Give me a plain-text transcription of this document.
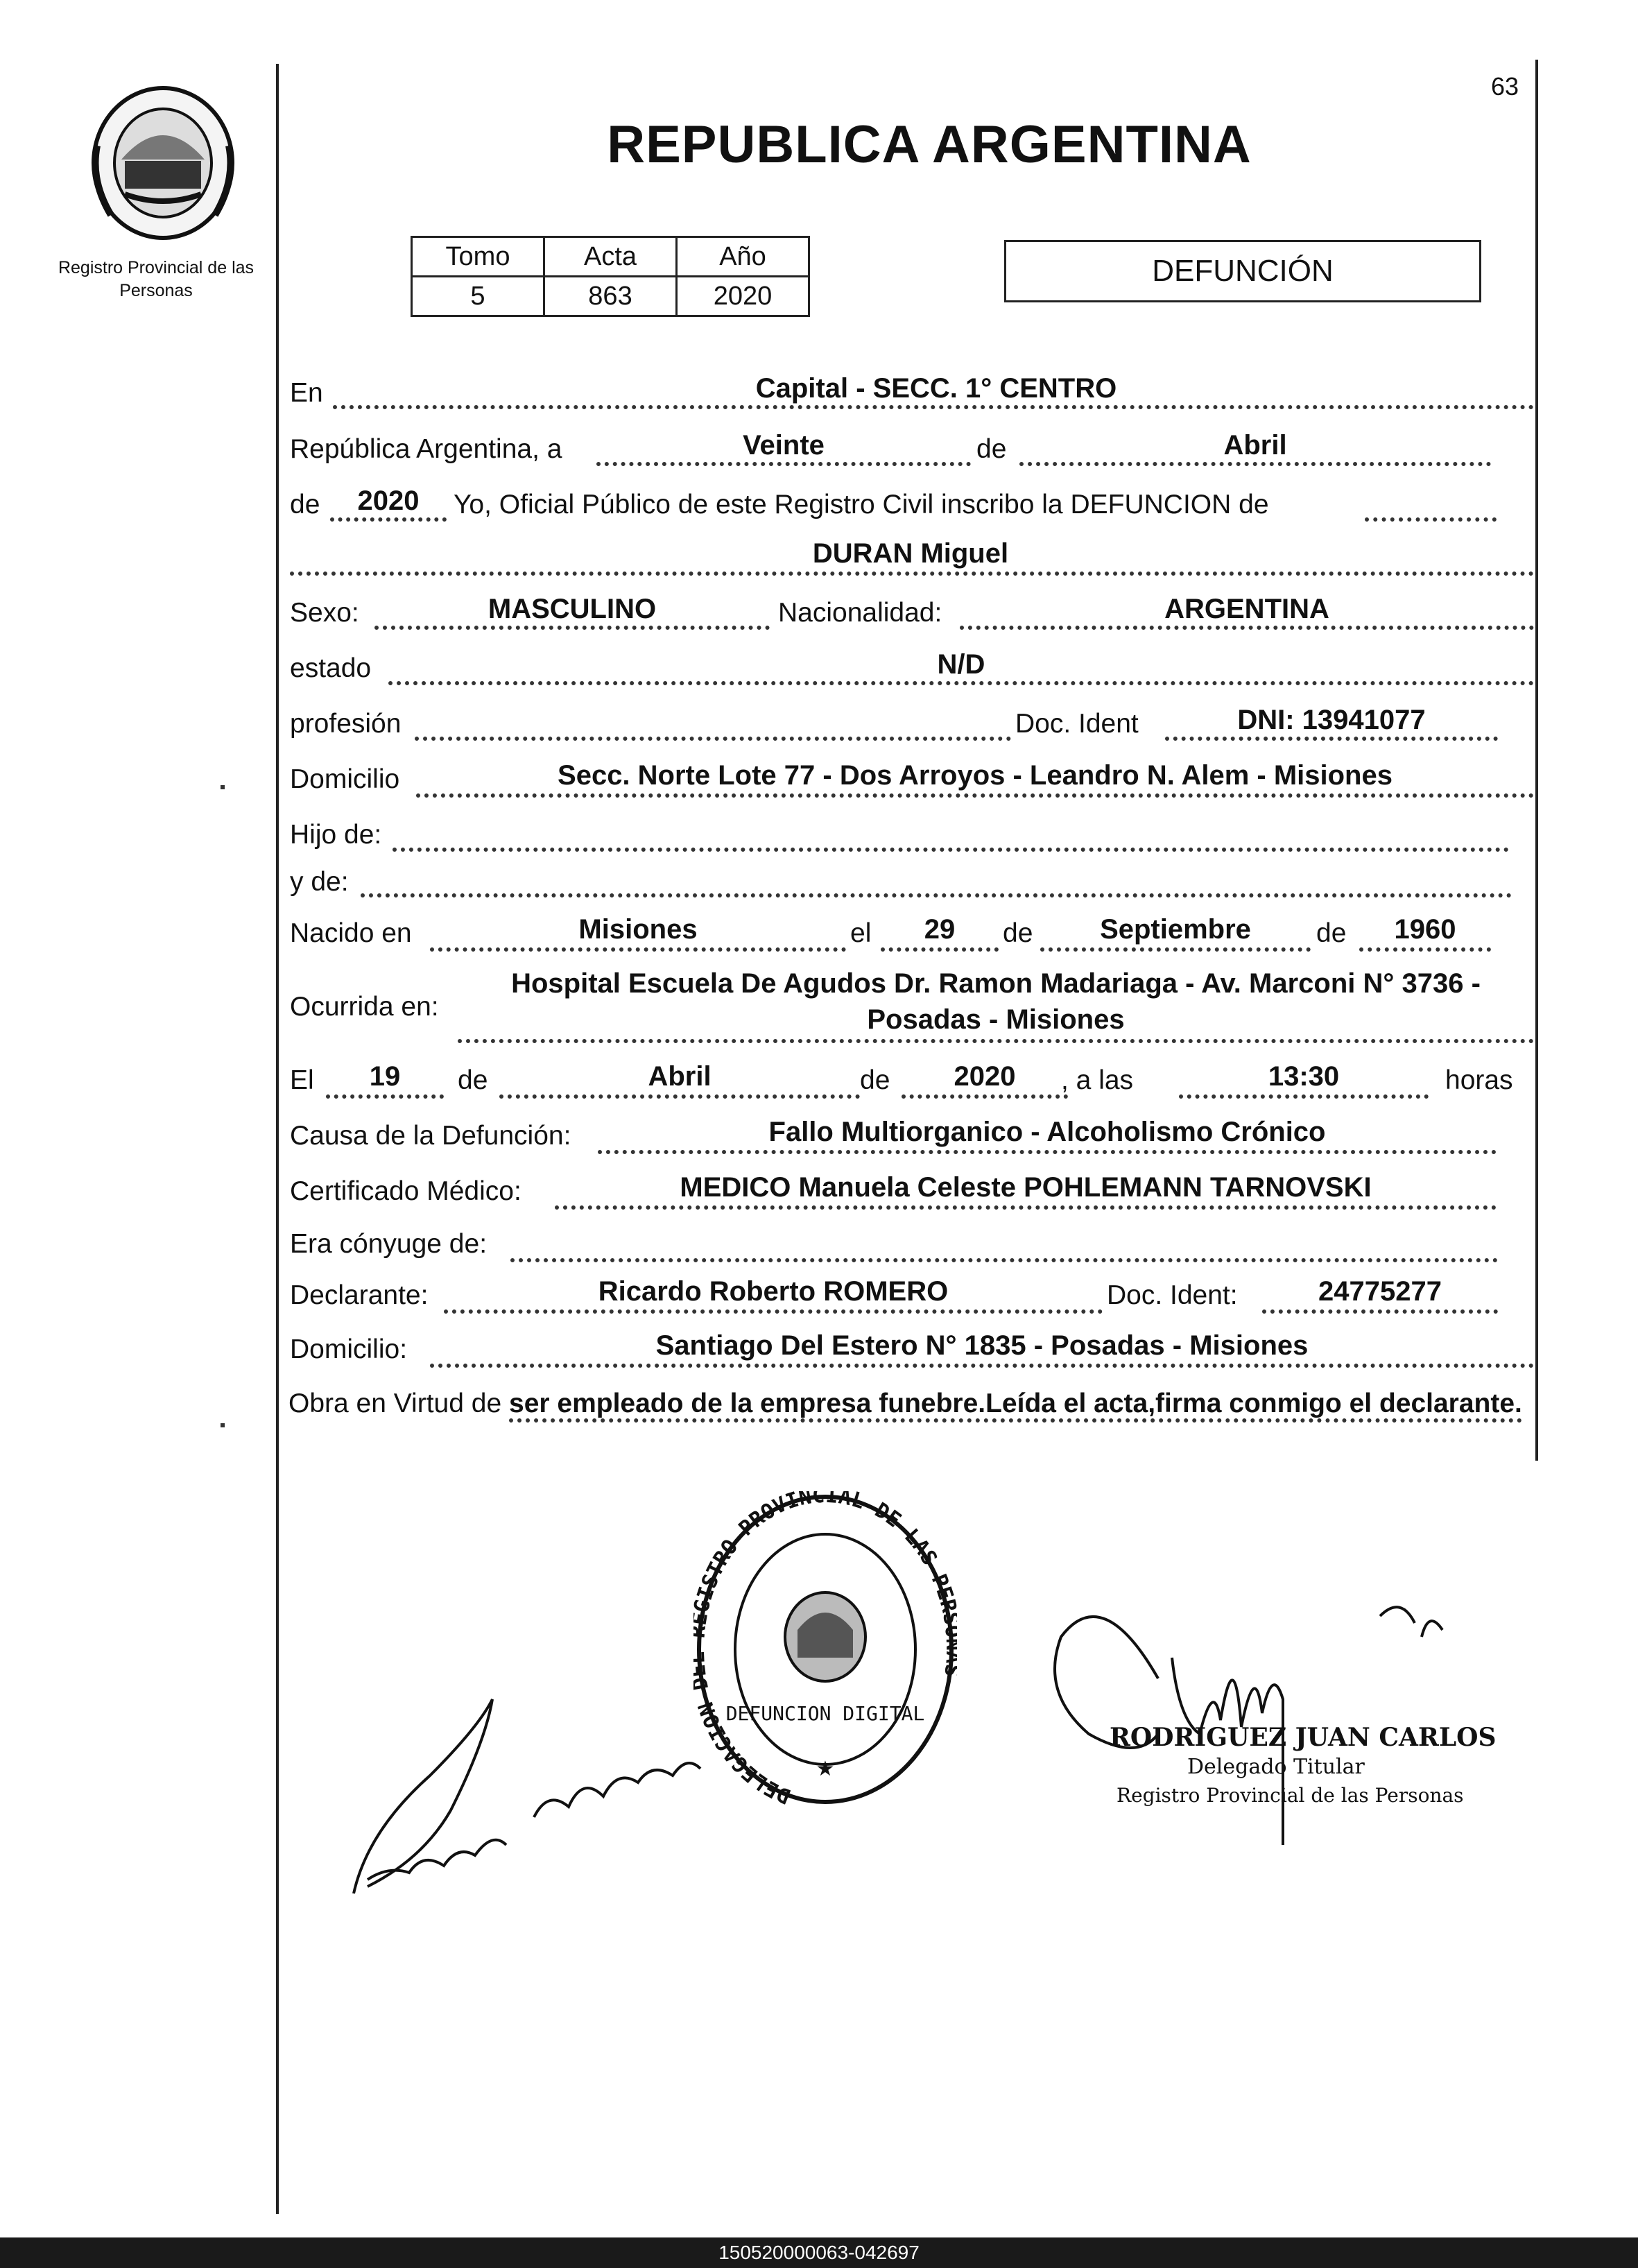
63
Registro Provincial de las Personas
REPUBLICA ARGENTINA
Tomo	Acta	Año
5	863	2020
DEFUNCIÓN
En	Capital - SECC. 1° CENTRO
República Argentina, a	Veinte	de	Abril
de	2020	Yo, Oficial Público de este Registro Civil inscribo la DEFUNCION de
DURAN Miguel
Sexo:	MASCULINO	Nacionalidad:	ARGENTINA
estado	N/D
profesión	Doc. Ident	DNI: 13941077
Domicilio	Secc. Norte Lote 77 - Dos Arroyos - Leandro N. Alem - Misiones
Hijo de:
y de:
Nacido en	Misiones	el	29	de	Septiembre	de	1960
Ocurrida en:
Hospital Escuela De Agudos Dr. Ramon Madariaga - Av. Marconi N° 3736 -
Posadas - Misiones
El	19	de	Abril	de	2020	, a las	13:30	horas
Causa de la Defunción:	Fallo Multiorganico - Alcoholismo Crónico
Certificado Médico:	MEDICO Manuela Celeste POHLEMANN TARNOVSKI
Era cónyuge de:
Declarante:	Ricardo Roberto ROMERO	Doc. Ident:	24775277
Domicilio:	Santiago Del Estero N° 1835 - Posadas - Misiones
Obra en Virtud de ser empleado de la empresa funebre.Leída el acta,firma conmigo el declarante.
DELEGACION ISTRO PROVINCIAL DE LAS PE
DEFUNCION DIGITAL
★
RODRIGUEZ JUAN CARLOS
Delegado Titular
Registro Provincial de las Personas
150520000063-042697
